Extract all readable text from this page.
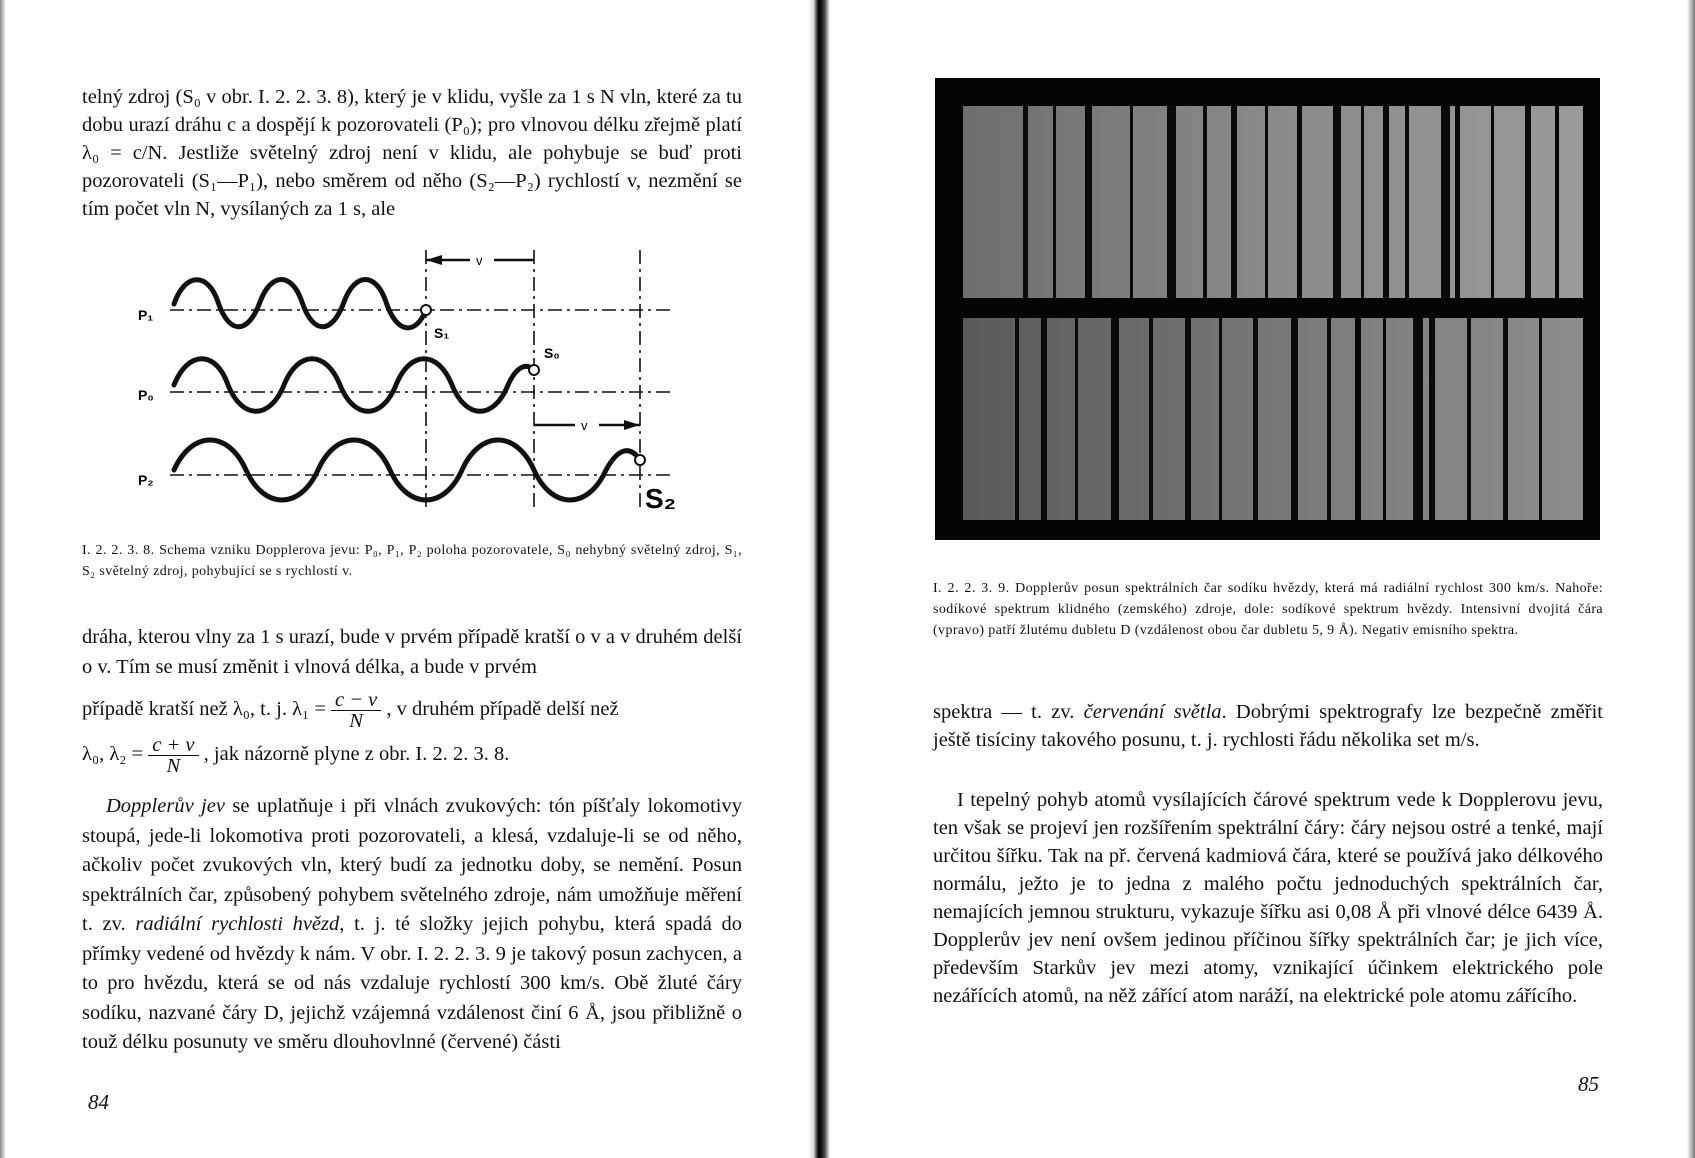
telný zdroj (S₀ v obr. I. 2. 2. 3. 8), který je v klidu, vyšle za 1 s N vln, které za tu dobu urazí dráhu c a dospějí k pozorovateli (P₀); pro vlnovou délku zřejmě platí λ₀ = c/N. Jestliže světelný zdroj není v klidu, ale pohybuje se buď proti pozorovateli (S₁—P₁), nebo směrem od něho (S₂—P₂) rychlostí v, nezmění se tím počet vln N, vysílaných za 1 s, ale

v
v
P₁
P₀
P₂
S₁
S₀
S₂

I. 2. 2. 3. 8. Schema vzniku Dopplerova jevu: P₀, P₁, P₂ poloha pozorovatele, S₀ nehybný světelný zdroj, S₁, S₂ světelný zdroj, pohybující se s rychlostí v.

dráha, kterou vlny za 1 s urazí, bude v prvém případě kratší o v a v druhém delší o v. Tím se musí změnit i vlnová délka, a bude v prvém
případě kratší než λ₀, t. j. $\lambda_1 = \frac{c - v}{N}$ , v druhém případě delší než
λ₀, $\lambda_2 = \frac{c + v}{N}$ , jak názorně plyne z obr. I. 2. 2. 3. 8.

Dopplerův jev se uplatňuje i při vlnách zvukových: tón píšťaly lokomotivy stoupá, jede-li lokomotiva proti pozorovateli, a klesá, vzdaluje-li se od něho, ačkoliv počet zvukových vln, který budí za jednotku doby, se nemění. Posun spektrálních čar, způsobený pohybem světelného zdroje, nám umožňuje měření t. zv. radiální rychlosti hvězd, t. j. té složky jejich pohybu, která spadá do přímky vedené od hvězdy k nám. V obr. I. 2. 2. 3. 9 je takový posun zachycen, a to pro hvězdu, která se od nás vzdaluje rychlostí 300 km/s. Obě žluté čáry sodíku, nazvané čáry D, jejichž vzájemná vzdálenost činí 6 Å, jsou přibližně o touž délku posunuty ve směru dlouhovlnné (červené) části

84

I. 2. 2. 3. 9. Dopplerův posun spektrálních čar sodíku hvězdy, která má radiální rychlost 300 km/s. Nahoře: sodíkové spektrum klidného (zemského) zdroje, dole: sodíkové spektrum hvězdy. Intensivní dvojitá čára (vpravo) patří žlutému dubletu D (vzdálenost obou čar dubletu 5, 9 Å). Negativ emisního spektra.

spektra — t. zv. červenání světla. Dobrými spektrografy lze bezpečně změřit ještě tisíciny takového posunu, t. j. rychlosti řádu několika set m/s.

I tepelný pohyb atomů vysílajících čárové spektrum vede k Dopplerovu jevu, ten však se projeví jen rozšířením spektrální čáry: čáry nejsou ostré a tenké, mají určitou šířku. Tak na př. červená kadmiová čára, které se používá jako délkového normálu, ježto je to jedna z malého počtu jednoduchých spektrálních čar, nemajících jemnou strukturu, vykazuje šířku asi 0,08 Å při vlnové délce 6439 Å. Dopplerův jev není ovšem jedinou příčinou šířky spektrálních čar; je jich více, především Starkův jev mezi atomy, vznikající účinkem elektrického pole nezářících atomů, na něž zářící atom naráží, na elektrické pole atomu zářícího.

85
